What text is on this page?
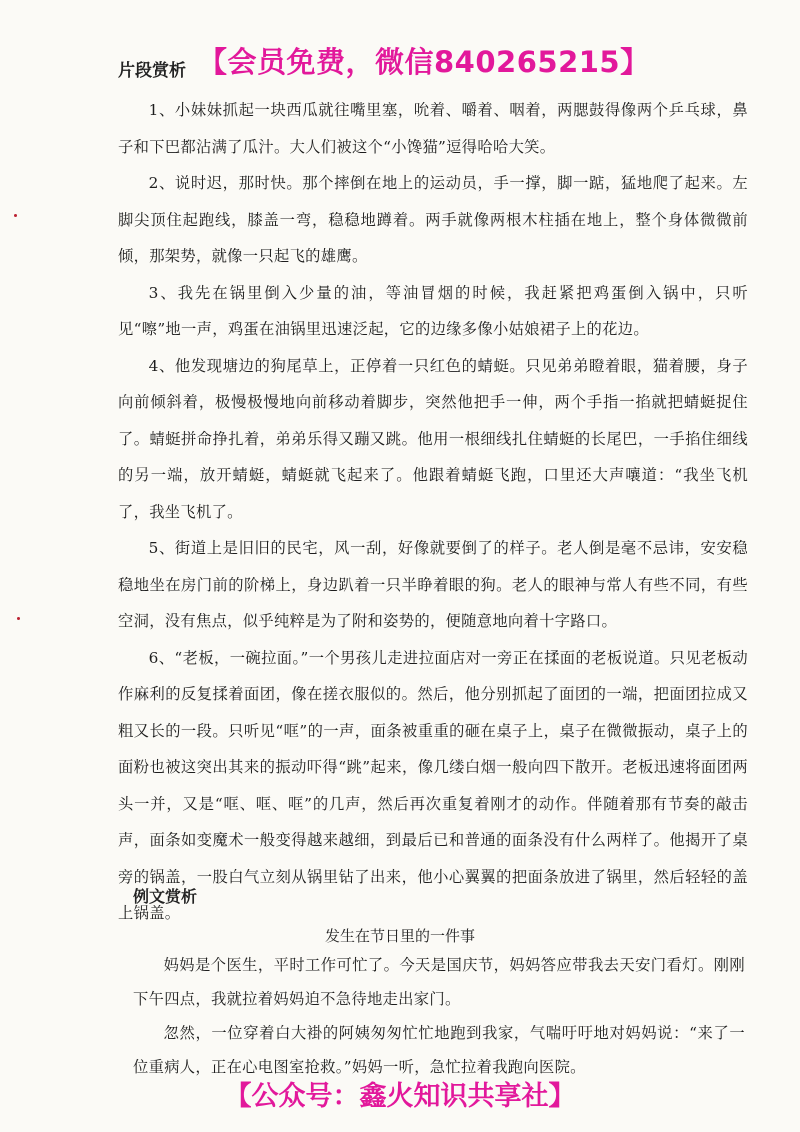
片段赏析 【会员免费，微信840265215】

1、小妹妹抓起一块西瓜就往嘴里塞，吮着、嚼着、咽着，两腮鼓得像两个乒乓球，鼻子和下巴都沾满了瓜汁。大人们被这个“小馋猫”逗得哈哈大笑。

2、说时迟，那时快。那个摔倒在地上的运动员，手一撑，脚一踮，猛地爬了起来。左脚尖顶住起跑线，膝盖一弯，稳稳地蹲着。两手就像两根木柱插在地上，整个身体微微前倾，那架势，就像一只起飞的雄鹰。

3、我先在锅里倒入少量的油，等油冒烟的时候，我赶紧把鸡蛋倒入锅中，只听见“嚓”地一声，鸡蛋在油锅里迅速泛起，它的边缘多像小姑娘裙子上的花边。

4、他发现塘边的狗尾草上，正停着一只红色的蜻蜓。只见弟弟瞪着眼，猫着腰，身子向前倾斜着，极慢极慢地向前移动着脚步，突然他把手一伸，两个手指一掐就把蜻蜓捉住了。蜻蜓拼命挣扎着，弟弟乐得又蹦又跳。他用一根细线扎住蜻蜓的长尾巴，一手掐住细线的另一端，放开蜻蜓，蜻蜓就飞起来了。他跟着蜻蜓飞跑，口里还大声嚷道：“我坐飞机了，我坐飞机了。

5、街道上是旧旧的民宅，风一刮，好像就要倒了的样子。老人倒是毫不忌讳，安安稳稳地坐在房门前的阶梯上，身边趴着一只半睁着眼的狗。老人的眼神与常人有些不同，有些空洞，没有焦点，似乎纯粹是为了附和姿势的，便随意地向着十字路口。

6、“老板，一碗拉面。”一个男孩儿走进拉面店对一旁正在揉面的老板说道。只见老板动作麻利的反复揉着面团，像在搓衣服似的。然后，他分别抓起了面团的一端，把面团拉成又粗又长的一段。只听见“哐”的一声，面条被重重的砸在桌子上，桌子在微微振动，桌子上的面粉也被这突出其来的振动吓得“跳”起来，像几缕白烟一般向四下散开。老板迅速将面团两头一并，又是“哐、哐、哐”的几声，然后再次重复着刚才的动作。伴随着那有节奏的敲击声，面条如变魔术一般变得越来越细，到最后已和普通的面条没有什么两样了。他揭开了桌旁的锅盖，一股白气立刻从锅里钻了出来，他小心翼翼的把面条放进了锅里，然后轻轻的盖上锅盖。

例文赏析
发生在节日里的一件事

妈妈是个医生，平时工作可忙了。今天是国庆节，妈妈答应带我去天安门看灯。刚刚下午四点，我就拉着妈妈迫不急待地走出家门。

忽然，一位穿着白大褂的阿姨匆匆忙忙地跑到我家，气喘吁吁地对妈妈说：“来了一位重病人，正在心电图室抢救。”妈妈一听，急忙拉着我跑向医院。

【公众号：鑫火知识共享社】
